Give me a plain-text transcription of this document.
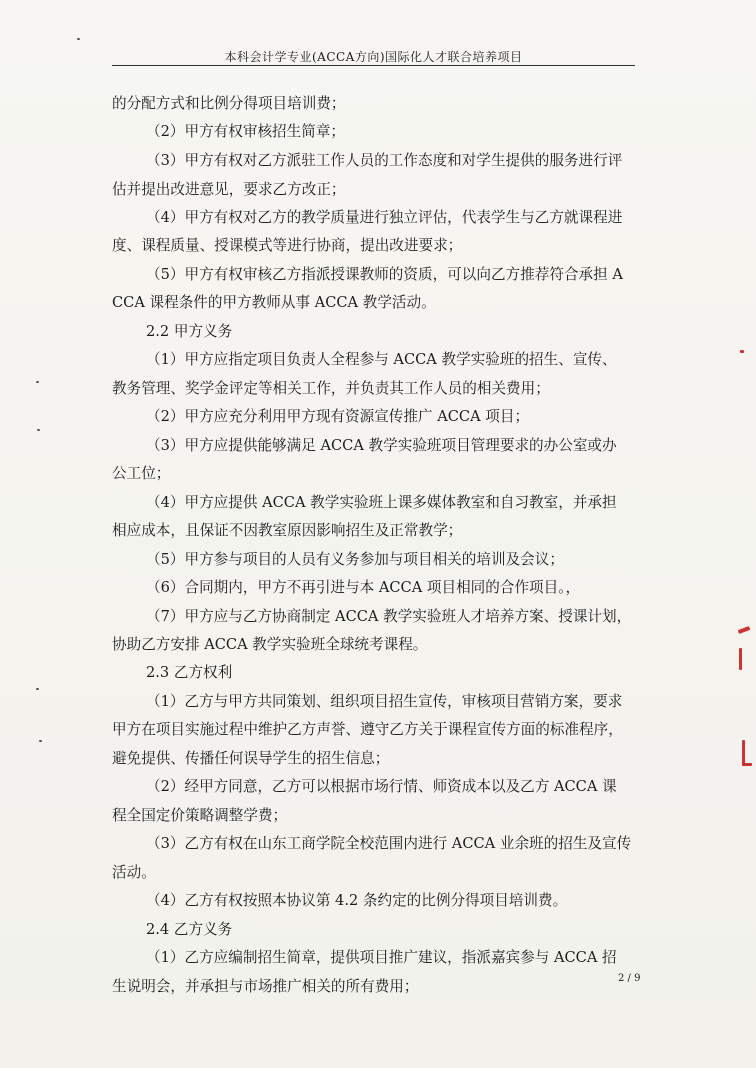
本科会计学专业(ACCA方向)国际化人才联合培养项目
的分配方式和比例分得项目培训费；
（2）甲方有权审核招生简章；
（3）甲方有权对乙方派驻工作人员的工作态度和对学生提供的服务进行评
估并提出改进意见，要求乙方改正；
（4）甲方有权对乙方的教学质量进行独立评估，代表学生与乙方就课程进
度、课程质量、授课模式等进行协商，提出改进要求；
（5）甲方有权审核乙方指派授课教师的资质，可以向乙方推荐符合承担 A
CCA 课程条件的甲方教师从事 ACCA 教学活动。
2.2 甲方义务
（1）甲方应指定项目负责人全程参与 ACCA 教学实验班的招生、宣传、
教务管理、奖学金评定等相关工作，并负责其工作人员的相关费用；
（2）甲方应充分利用甲方现有资源宣传推广 ACCA 项目；
（3）甲方应提供能够满足 ACCA 教学实验班项目管理要求的办公室或办
公工位；
（4）甲方应提供 ACCA 教学实验班上课多媒体教室和自习教室，并承担
相应成本，且保证不因教室原因影响招生及正常教学；
（5）甲方参与项目的人员有义务参加与项目相关的培训及会议；
（6）合同期内，甲方不再引进与本 ACCA 项目相同的合作项目。，
（7）甲方应与乙方协商制定 ACCA 教学实验班人才培养方案、授课计划，
协助乙方安排 ACCA 教学实验班全球统考课程。
2.3 乙方权利
（1）乙方与甲方共同策划、组织项目招生宣传，审核项目营销方案，要求
甲方在项目实施过程中维护乙方声誉、遵守乙方关于课程宣传方面的标准程序，
避免提供、传播任何误导学生的招生信息；
（2）经甲方同意，乙方可以根据市场行情、师资成本以及乙方 ACCA 课
程全国定价策略调整学费；
（3）乙方有权在山东工商学院全校范围内进行 ACCA 业余班的招生及宣传
活动。
（4）乙方有权按照本协议第 4.2 条约定的比例分得项目培训费。
2.4 乙方义务
（1）乙方应编制招生简章，提供项目推广建议，指派嘉宾参与 ACCA 招
生说明会，并承担与市场推广相关的所有费用；	2 / 9
